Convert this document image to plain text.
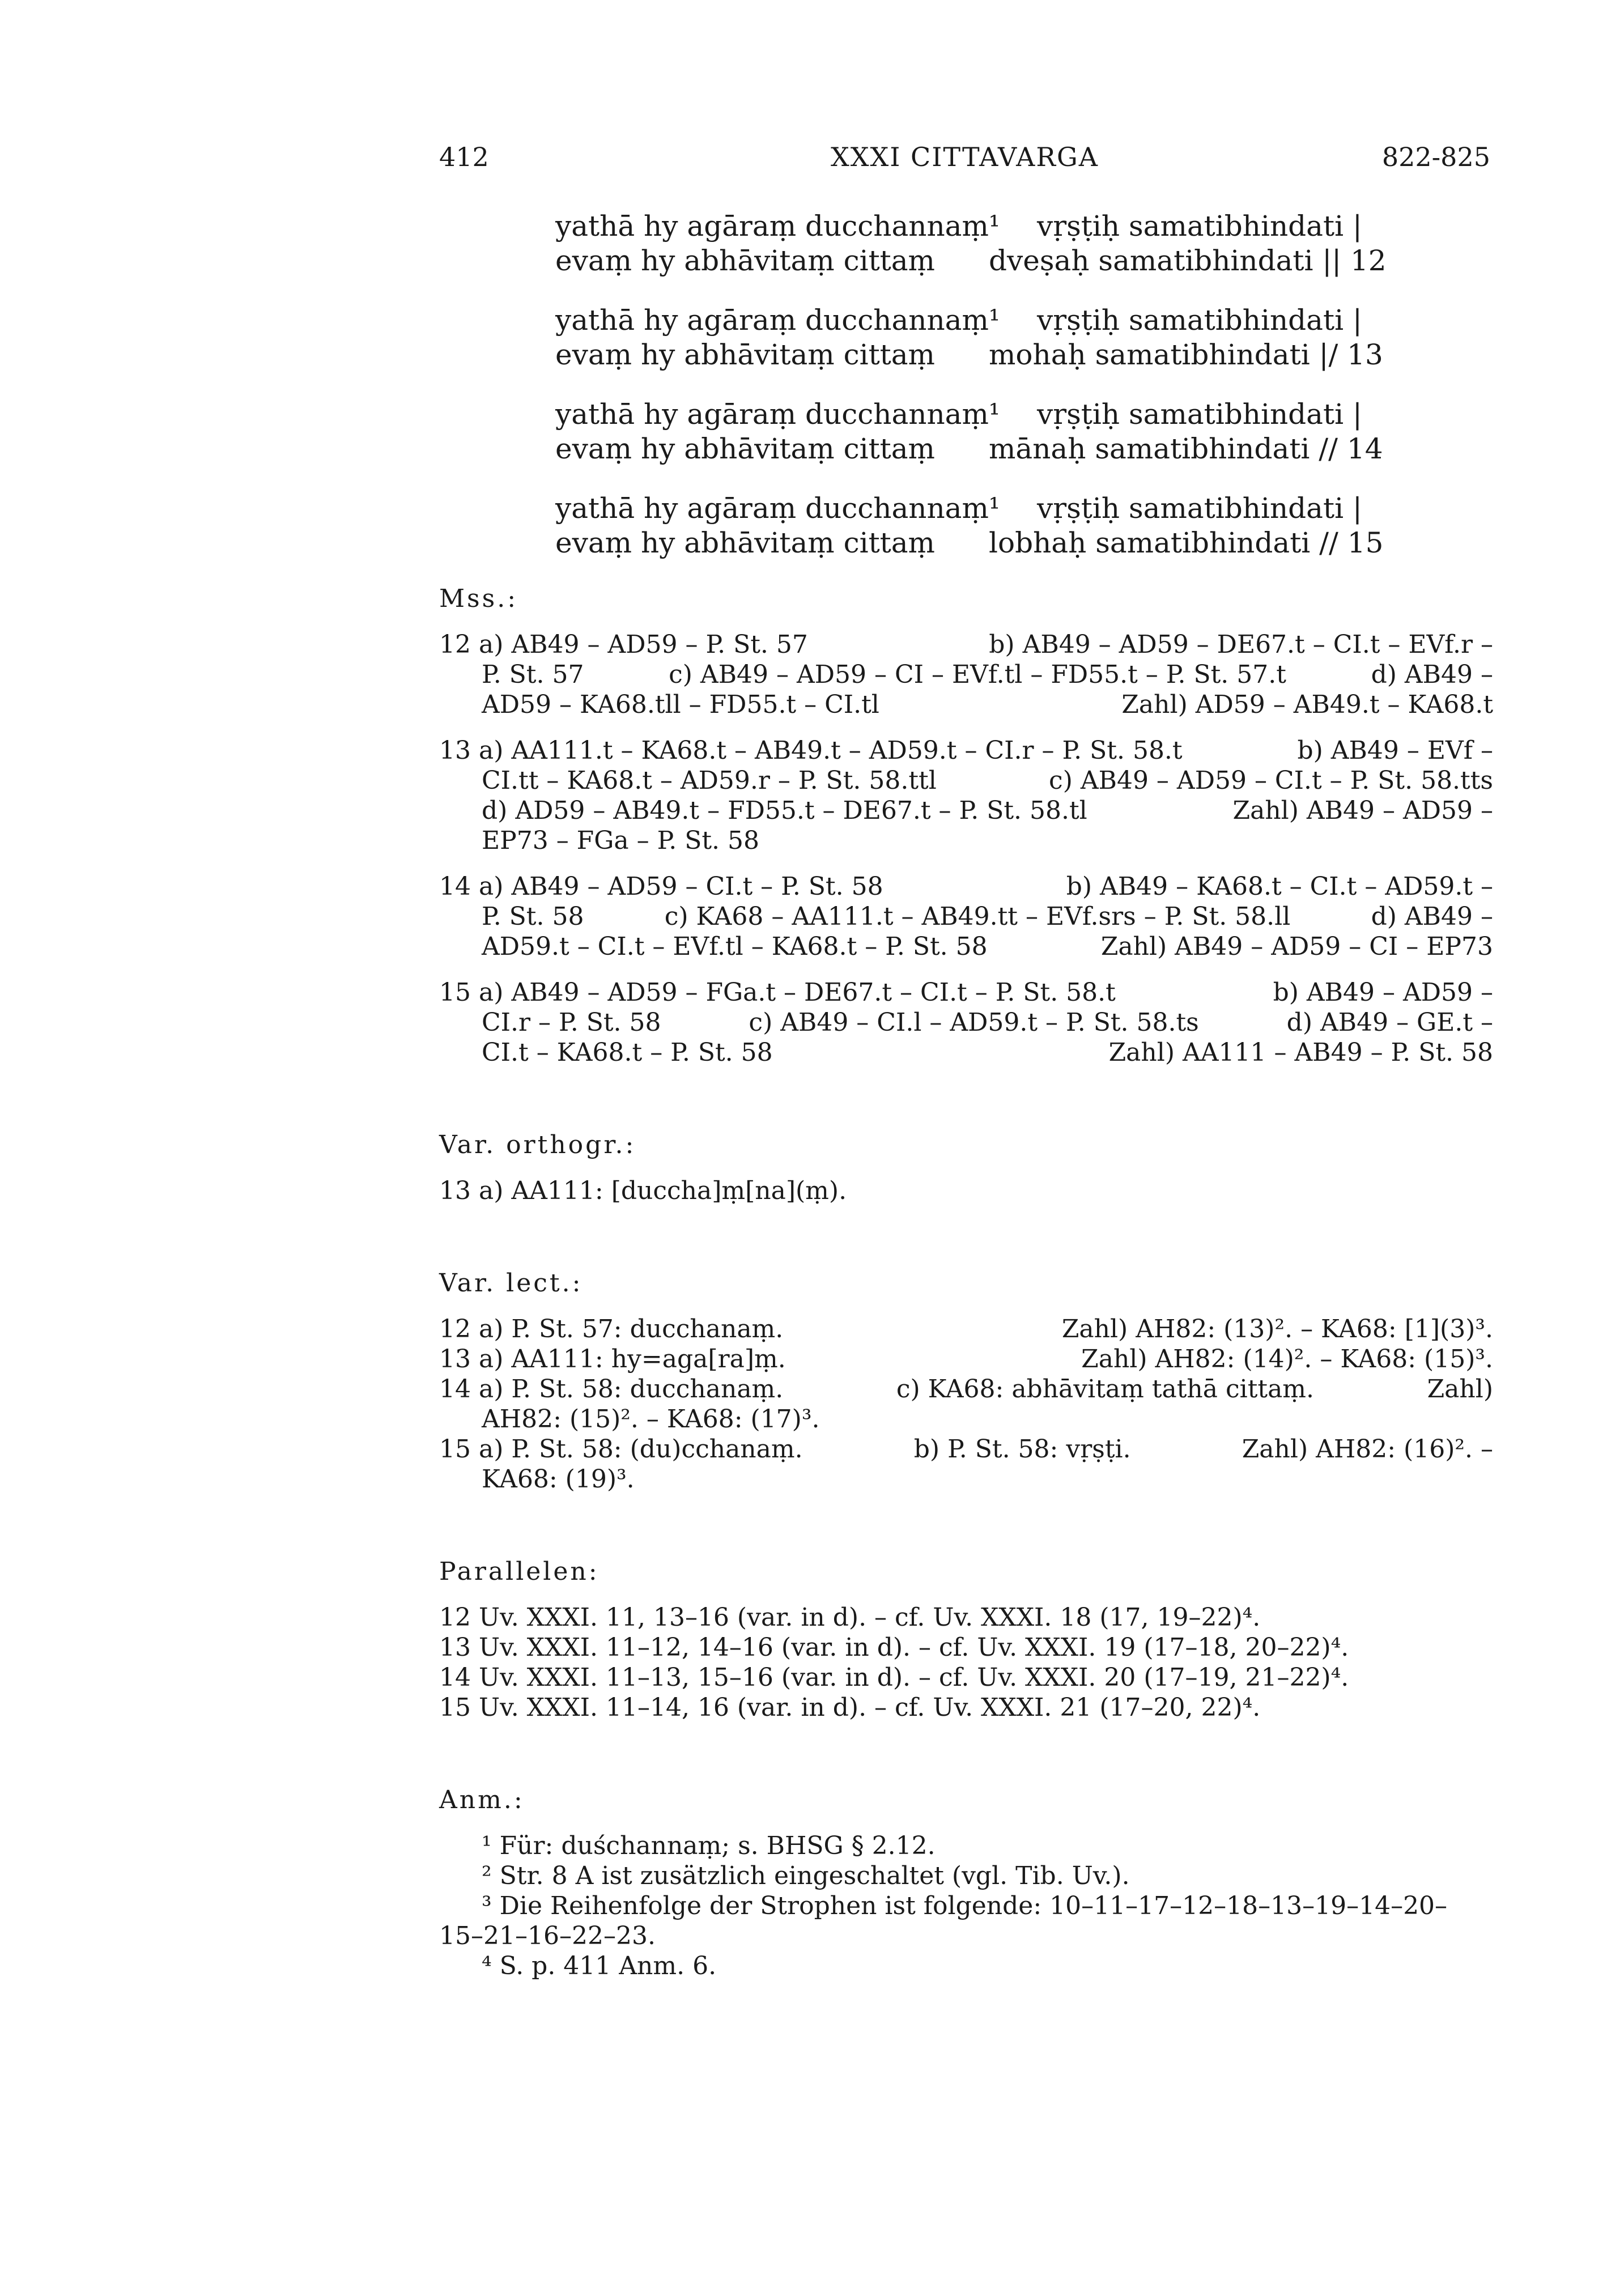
412	XXXI CITTAVARGA	822-825
yathā hy agāraṃ ducchannaṃ¹ vṛṣṭiḥ samatibhindati |
evaṃ hy abhāvitaṃ cittaṃ dveṣaḥ samatibhindati || 12
yathā hy agāraṃ ducchannaṃ¹ vṛṣṭiḥ samatibhindati |
evaṃ hy abhāvitaṃ cittaṃ mohaḥ samatibhindati |/ 13
yathā hy agāraṃ ducchannaṃ¹ vṛṣṭiḥ samatibhindati |
evaṃ hy abhāvitaṃ cittaṃ mānaḥ samatibhindati // 14
yathā hy agāraṃ ducchannaṃ¹ vṛṣṭiḥ samatibhindati |
evaṃ hy abhāvitaṃ cittaṃ lobhaḥ samatibhindati // 15
Mss.:
12 a) AB49 – AD59 – P. St. 57	b) AB49 – AD59 – DE67.t – CI.t – EVf.r –
P. St. 57	c) AB49 – AD59 – CI – EVf.tl – FD55.t – P. St. 57.t	d) AB49 –
AD59 – KA68.tll – FD55.t – CI.tl	Zahl) AD59 – AB49.t – KA68.t
13 a) AA111.t – KA68.t – AB49.t – AD59.t – CI.r – P. St. 58.t	b) AB49 – EVf –
CI.tt – KA68.t – AD59.r – P. St. 58.ttl	c) AB49 – AD59 – CI.t – P. St. 58.tts
d) AD59 – AB49.t – FD55.t – DE67.t – P. St. 58.tl	Zahl) AB49 – AD59 –
EP73 – FGa – P. St. 58
14 a) AB49 – AD59 – CI.t – P. St. 58	b) AB49 – KA68.t – CI.t – AD59.t –
P. St. 58	c) KA68 – AA111.t – AB49.tt – EVf.srs – P. St. 58.ll	d) AB49 –
AD59.t – CI.t – EVf.tl – KA68.t – P. St. 58	Zahl) AB49 – AD59 – CI – EP73
15 a) AB49 – AD59 – FGa.t – DE67.t – CI.t – P. St. 58.t	b) AB49 – AD59 –
CI.r – P. St. 58	c) AB49 – CI.l – AD59.t – P. St. 58.ts	d) AB49 – GE.t –
CI.t – KA68.t – P. St. 58	Zahl) AA111 – AB49 – P. St. 58
Var. orthogr.:
13 a) AA111: [duccha]ṃ[na](ṃ).
Var. lect.:
12 a) P. St. 57: ducchanaṃ.	Zahl) AH82: (13)². – KA68: [1](3)³.
13 a) AA111: hy=aga[ra]ṃ.	Zahl) AH82: (14)². – KA68: (15)³.
14 a) P. St. 58: ducchanaṃ.	c) KA68: abhāvitaṃ tathā cittaṃ.	Zahl)
AH82: (15)². – KA68: (17)³.
15 a) P. St. 58: (du)cchanaṃ.	b) P. St. 58: vṛṣṭi.	Zahl) AH82: (16)². –
KA68: (19)³.
Parallelen:
12 Uv. XXXI. 11, 13–16 (var. in d). – cf. Uv. XXXI. 18 (17, 19–22)⁴.
13 Uv. XXXI. 11–12, 14–16 (var. in d). – cf. Uv. XXXI. 19 (17–18, 20–22)⁴.
14 Uv. XXXI. 11–13, 15–16 (var. in d). – cf. Uv. XXXI. 20 (17–19, 21–22)⁴.
15 Uv. XXXI. 11–14, 16 (var. in d). – cf. Uv. XXXI. 21 (17–20, 22)⁴.
Anm.:
¹ Für: duśchannaṃ; s. BHSG § 2.12.
² Str. 8 A ist zusätzlich eingeschaltet (vgl. Tib. Uv.).
³ Die Reihenfolge der Strophen ist folgende: 10–11–17–12–18–13–19–14–20–
15–21–16–22–23.
⁴ S. p. 411 Anm. 6.
